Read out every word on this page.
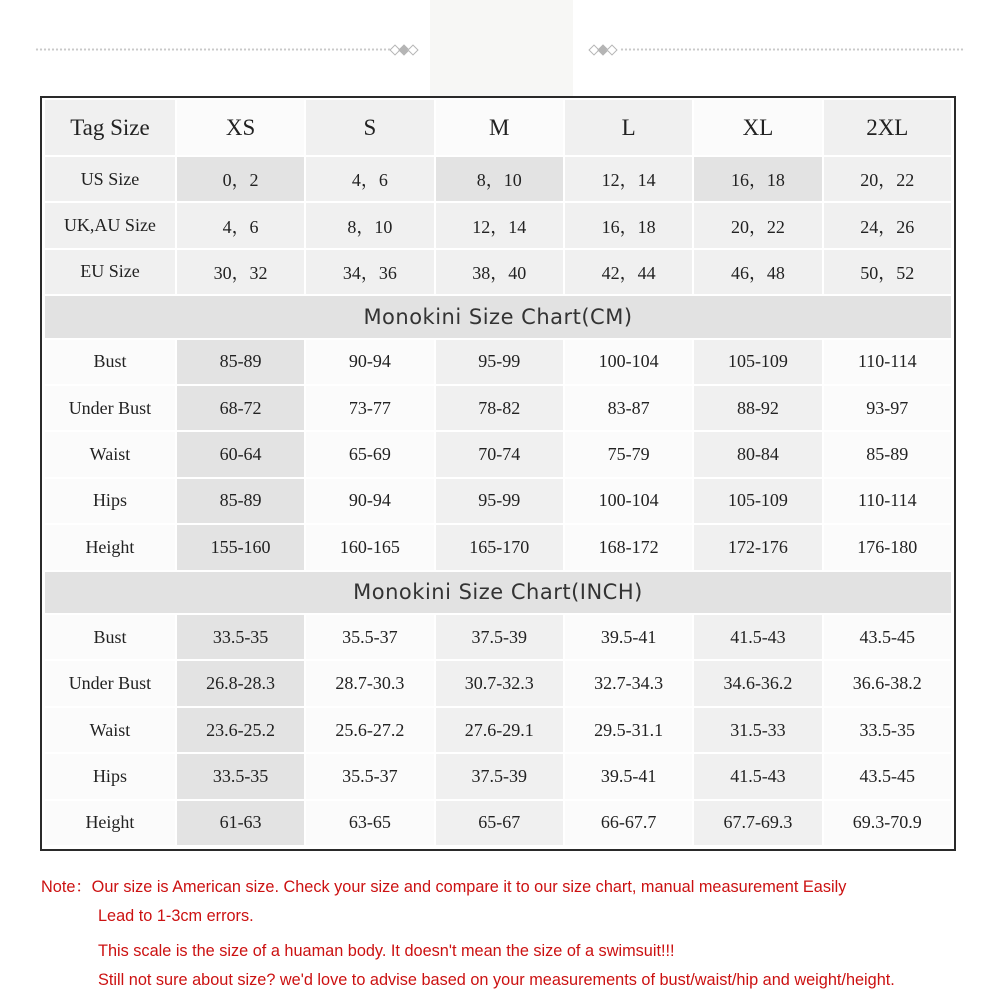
Tag Size	XS	S	M	L	XL	2XL
US Size	0，2	4，6	8，10	12，14	16，18	20，22
UK,AU Size	4，6	8，10	12，14	16，18	20，22	24，26
EU Size	30，32	34，36	38，40	42，44	46，48	50，52
Monokini Size Chart(CM)
Bust	85-89	90-94	95-99	100-104	105-109	110-114
Under Bust	68-72	73-77	78-82	83-87	88-92	93-97
Waist	60-64	65-69	70-74	75-79	80-84	85-89
Hips	85-89	90-94	95-99	100-104	105-109	110-114
Height	155-160	160-165	165-170	168-172	172-176	176-180
Monokini Size Chart(INCH)
Bust	33.5-35	35.5-37	37.5-39	39.5-41	41.5-43	43.5-45
Under Bust	26.8-28.3	28.7-30.3	30.7-32.3	32.7-34.3	34.6-36.2	36.6-38.2
Waist	23.6-25.2	25.6-27.2	27.6-29.1	29.5-31.1	31.5-33	33.5-35
Hips	33.5-35	35.5-37	37.5-39	39.5-41	41.5-43	43.5-45
Height	61-63	63-65	65-67	66-67.7	67.7-69.3	69.3-70.9
Note：Our size is American size. Check your size and compare it to our size chart, manual measurement Easily
Lead to 1-3cm errors.
This scale is the size of a huaman body. It doesn't mean the size of a swimsuit!!!
Still not sure about size? we'd love to advise based on your measurements of bust/waist/hip and weight/height.
